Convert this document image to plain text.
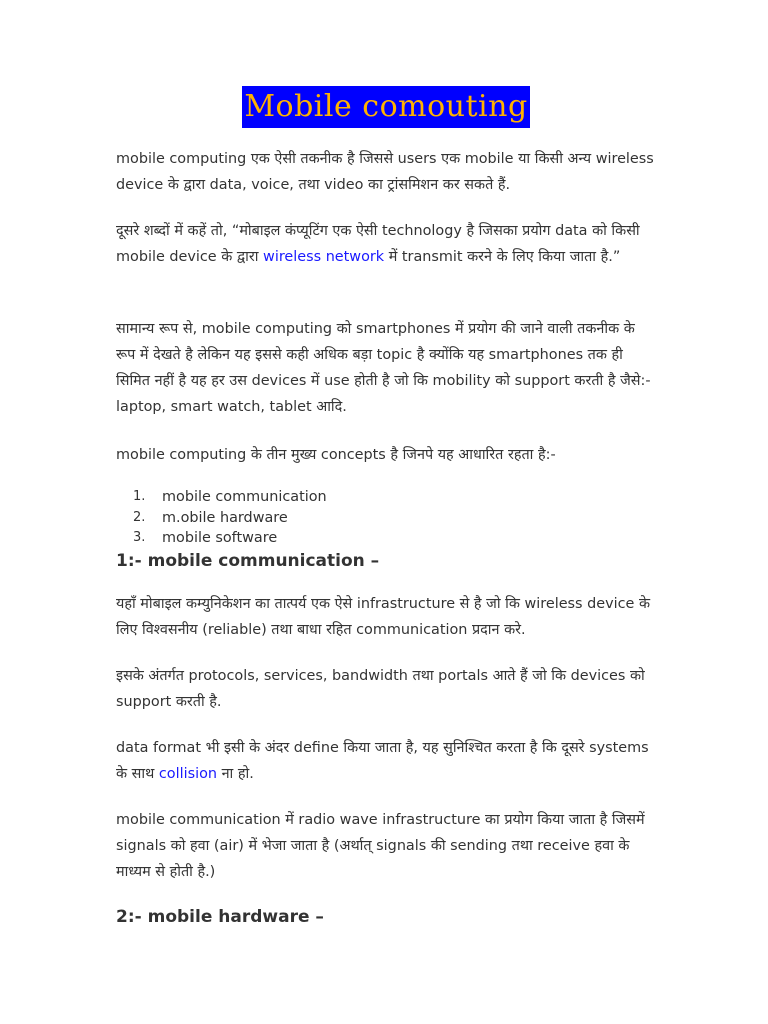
Mobile comouting

mobile computing एक ऐसी तकनीक है जिससे users एक mobile या किसी अन्य wireless device के द्वारा data, voice, तथा video का ट्रांसमिशन कर सकते हैं.

दूसरे शब्दों में कहें तो, “मोबाइल कंप्यूटिंग एक ऐसी technology है जिसका प्रयोग data को किसी mobile device के द्वारा wireless network में transmit करने के लिए किया जाता है.”

सामान्य रूप से, mobile computing को smartphones में प्रयोग की जाने वाली तकनीक के रूप में देखते है लेकिन यह इससे कही अधिक बड़ा topic है क्योंकि यह smartphones तक ही सिमित नहीं है यह हर उस devices में use होती है जो कि mobility को support करती है जैसे:- laptop, smart watch, tablet आदि.

mobile computing के तीन मुख्य concepts है जिनपे यह आधारित रहता है:-

1.	mobile communication
2.	m.obile hardware
3.	mobile software
1:- mobile communication –

यहाँ मोबाइल कम्युनिकेशन का तात्पर्य एक ऐसे infrastructure से है जो कि wireless device के लिए विश्वसनीय (reliable) तथा बाधा रहित communication प्रदान करे.

इसके अंतर्गत protocols, services, bandwidth तथा portals आते हैं जो कि devices को support करती है.

data format भी इसी के अंदर define किया जाता है, यह सुनिश्चित करता है कि दूसरे systems के साथ collision ना हो.

mobile communication में radio wave infrastructure का प्रयोग किया जाता है जिसमें signals को हवा (air) में भेजा जाता है (अर्थात् signals की sending तथा receive हवा के माध्यम से होती है.)

2:- mobile hardware –
